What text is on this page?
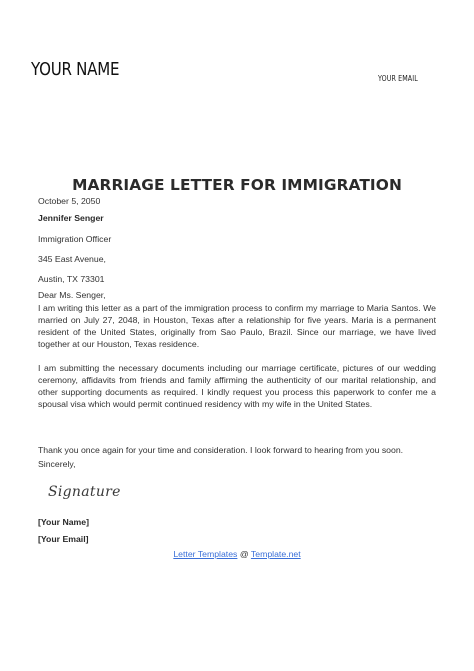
YOUR NAME	YOUR EMAIL
MARRIAGE LETTER FOR IMMIGRATION
October 5, 2050
Jennifer Senger
Immigration Officer
345 East Avenue,
Austin, TX 73301
Dear Ms. Senger,
I am writing this letter as a part of the immigration process to confirm my marriage to Maria Santos. We married on July 27, 2048, in Houston, Texas after a relationship for five years. Maria is a permanent resident of the United States, originally from Sao Paulo, Brazil. Since our marriage, we have lived together at our Houston, Texas residence.
I am submitting the necessary documents including our marriage certificate, pictures of our wedding ceremony, affidavits from friends and family affirming the authenticity of our marital relationship, and other supporting documents as required. I kindly request you process this paperwork to confer me a spousal visa which would permit continued residency with my wife in the United States.
Thank you once again for your time and consideration. I look forward to hearing from you soon.
Sincerely,
Signature
[Your Name]
[Your Email]
Letter Templates @ Template.net
